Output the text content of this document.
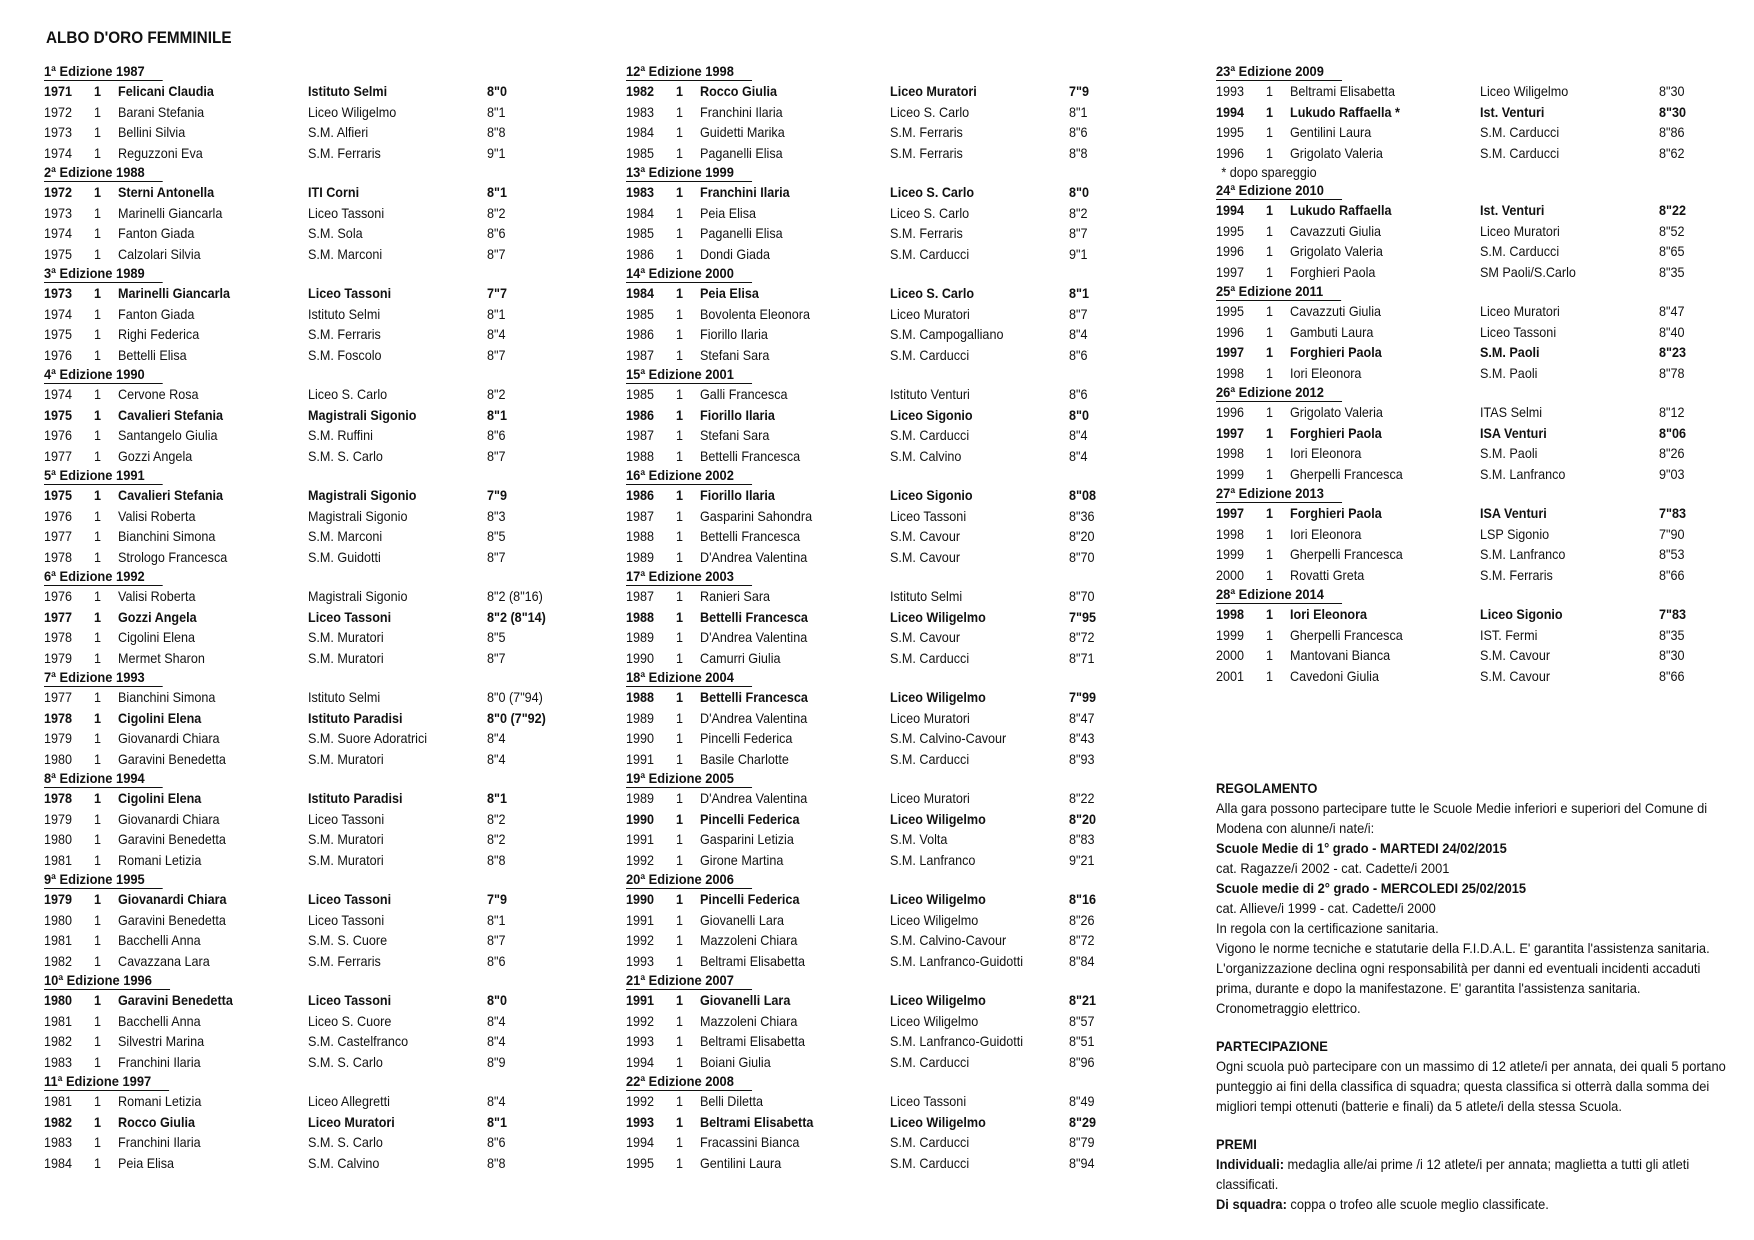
ALBO D'ORO FEMMINILE
1ª Edizione 1987
1971 1 Felicani Claudia	Istituto Selmi	8"0
1972 1 Barani Stefania	Liceo Wiligelmo	8"1
1973 1 Bellini Silvia	S.M. Alfieri	8"8
1974 1 Reguzzoni Eva	S.M. Ferraris	9"1
2ª Edizione 1988
1972 1 Sterni Antonella	ITI Corni	8"1
1973 1 Marinelli Giancarla	Liceo Tassoni	8"2
1974 1 Fanton Giada	S.M. Sola	8"6
1975 1 Calzolari Silvia	S.M. Marconi	8"7
3ª Edizione 1989
1973 1 Marinelli Giancarla	Liceo Tassoni	7"7
1974 1 Fanton Giada	Istituto Selmi	8"1
1975 1 Righi Federica	S.M. Ferraris	8"4
1976 1 Bettelli Elisa	S.M. Foscolo	8"7
4ª Edizione 1990
1974 1 Cervone Rosa	Liceo S. Carlo	8"2
1975 1 Cavalieri Stefania	Magistrali Sigonio	8"1
1976 1 Santangelo Giulia	S.M. Ruffini	8"6
1977 1 Gozzi Angela	S.M. S. Carlo	8"7
5ª Edizione 1991
1975 1 Cavalieri Stefania	Magistrali Sigonio	7"9
1976 1 Valisi Roberta	Magistrali Sigonio	8"3
1977 1 Bianchini Simona	S.M. Marconi	8"5
1978 1 Strologo Francesca	S.M. Guidotti	8"7
6ª Edizione 1992
1976 1 Valisi Roberta	Magistrali Sigonio	8"2 (8"16)
1977 1 Gozzi Angela	Liceo Tassoni	8"2 (8"14)
1978 1 Cigolini Elena	S.M. Muratori	8"5
1979 1 Mermet Sharon	S.M. Muratori	8"7
7ª Edizione 1993
1977 1 Bianchini Simona	Istituto Selmi	8"0 (7"94)
1978 1 Cigolini Elena	Istituto Paradisi	8"0 (7"92)
1979 1 Giovanardi Chiara	S.M. Suore Adoratrici	8"4
1980 1 Garavini Benedetta	S.M. Muratori	8"4
8ª Edizione 1994
1978 1 Cigolini Elena	Istituto Paradisi	8"1
1979 1 Giovanardi Chiara	Liceo Tassoni	8"2
1980 1 Garavini Benedetta	S.M. Muratori	8"2
1981 1 Romani Letizia	S.M. Muratori	8"8
9ª Edizione 1995
1979 1 Giovanardi Chiara	Liceo Tassoni	7"9
1980 1 Garavini Benedetta	Liceo Tassoni	8"1
1981 1 Bacchelli Anna	S.M. S. Cuore	8"7
1982 1 Cavazzana Lara	S.M. Ferraris	8"6
10ª Edizione 1996
1980 1 Garavini Benedetta	Liceo Tassoni	8"0
1981 1 Bacchelli Anna	Liceo S. Cuore	8"4
1982 1 Silvestri Marina	S.M. Castelfranco	8"4
1983 1 Franchini Ilaria	S.M. S. Carlo	8"9
11ª Edizione 1997
1981 1 Romani Letizia	Liceo Allegretti	8"4
1982 1 Rocco Giulia	Liceo Muratori	8"1
1983 1 Franchini Ilaria	S.M. S. Carlo	8"6
1984 1 Peia Elisa	S.M. Calvino	8"8
12ª Edizione 1998
1982 1 Rocco Giulia	Liceo Muratori	7"9
1983 1 Franchini Ilaria	Liceo S. Carlo	8"1
1984 1 Guidetti Marika	S.M. Ferraris	8"6
1985 1 Paganelli Elisa	S.M. Ferraris	8"8
13ª Edizione 1999
1983 1 Franchini Ilaria	Liceo S. Carlo	8"0
1984 1 Peia Elisa	Liceo S. Carlo	8"2
1985 1 Paganelli Elisa	S.M. Ferraris	8"7
1986 1 Dondi Giada	S.M. Carducci	9"1
14ª Edizione 2000
1984 1 Peia Elisa	Liceo S. Carlo	8"1
1985 1 Bovolenta Eleonora	Liceo Muratori	8"7
1986 1 Fiorillo Ilaria	S.M. Campogalliano	8"4
1987 1 Stefani Sara	S.M. Carducci	8"6
15ª Edizione 2001
1985 1 Galli Francesca	Istituto Venturi	8"6
1986 1 Fiorillo Ilaria	Liceo Sigonio	8"0
1987 1 Stefani Sara	S.M. Carducci	8"4
1988 1 Bettelli Francesca	S.M. Calvino	8"4
16ª Edizione 2002
1986 1 Fiorillo Ilaria	Liceo Sigonio	8"08
1987 1 Gasparini Sahondra	Liceo Tassoni	8"36
1988 1 Bettelli Francesca	S.M. Cavour	8"20
1989 1 D'Andrea Valentina	S.M. Cavour	8"70
17ª Edizione 2003
1987 1 Ranieri Sara	Istituto Selmi	8"70
1988 1 Bettelli Francesca	Liceo Wiligelmo	7"95
1989 1 D'Andrea Valentina	S.M. Cavour	8"72
1990 1 Camurri Giulia	S.M. Carducci	8"71
18ª Edizione 2004
1988 1 Bettelli Francesca	Liceo Wiligelmo	7"99
1989 1 D'Andrea Valentina	Liceo Muratori	8"47
1990 1 Pincelli Federica	S.M. Calvino-Cavour	8"43
1991 1 Basile Charlotte	S.M. Carducci	8"93
19ª Edizione 2005
1989 1 D'Andrea Valentina	Liceo Muratori	8"22
1990 1 Pincelli Federica	Liceo Wiligelmo	8"20
1991 1 Gasparini Letizia	S.M. Volta	8"83
1992 1 Girone Martina	S.M. Lanfranco	9"21
20ª Edizione 2006
1990 1 Pincelli Federica	Liceo Wiligelmo	8"16
1991 1 Giovanelli Lara	Liceo Wiligelmo	8"26
1992 1 Mazzoleni Chiara	S.M. Calvino-Cavour	8"72
1993 1 Beltrami Elisabetta	S.M. Lanfranco-Guidotti	8"84
21ª Edizione 2007
1991 1 Giovanelli Lara	Liceo Wiligelmo	8"21
1992 1 Mazzoleni Chiara	Liceo Wiligelmo	8"57
1993 1 Beltrami Elisabetta	S.M. Lanfranco-Guidotti	8"51
1994 1 Boiani Giulia	S.M. Carducci	8"96
22ª Edizione 2008
1992 1 Belli Diletta	Liceo Tassoni	8"49
1993 1 Beltrami Elisabetta	Liceo Wiligelmo	8"29
1994 1 Fracassini Bianca	S.M. Carducci	8"79
1995 1 Gentilini Laura	S.M. Carducci	8"94
23ª Edizione 2009
1993 1 Beltrami Elisabetta	Liceo Wiligelmo	8"30
1994 1 Lukudo Raffaella *	Ist. Venturi	8"30
1995 1 Gentilini Laura	S.M. Carducci	8"86
1996 1 Grigolato Valeria	S.M. Carducci	8"62
* dopo spareggio
24ª Edizione 2010
1994 1 Lukudo Raffaella	Ist. Venturi	8"22
1995 1 Cavazzuti Giulia	Liceo Muratori	8"52
1996 1 Grigolato Valeria	S.M. Carducci	8"65
1997 1 Forghieri Paola	SM Paoli/S.Carlo	8"35
25ª Edizione 2011
1995 1 Cavazzuti Giulia	Liceo Muratori	8"47
1996 1 Gambuti Laura	Liceo Tassoni	8"40
1997 1 Forghieri Paola	S.M. Paoli	8"23
1998 1 Iori Eleonora	S.M. Paoli	8"78
26ª Edizione 2012
1996 1 Grigolato Valeria	ITAS Selmi	8"12
1997 1 Forghieri Paola	ISA Venturi	8"06
1998 1 Iori Eleonora	S.M. Paoli	8"26
1999 1 Gherpelli Francesca	S.M. Lanfranco	9"03
27ª Edizione 2013
1997 1 Forghieri Paola	ISA Venturi	7"83
1998 1 Iori Eleonora	LSP Sigonio	7"90
1999 1 Gherpelli Francesca	S.M. Lanfranco	8"53
2000 1 Rovatti Greta	S.M. Ferraris	8"66
28ª Edizione 2014
1998 1 Iori Eleonora	Liceo Sigonio	7"83
1999 1 Gherpelli Francesca	IST. Fermi	8"35
2000 1 Mantovani Bianca	S.M. Cavour	8"30
2001 1 Cavedoni Giulia	S.M. Cavour	8"66
REGOLAMENTO

Alla gara possono partecipare tutte le Scuole Medie inferiori e superiori del Comune di Modena con alunne/i nate/i:

Scuole Medie di 1° grado - MARTEDI 24/02/2015

cat. Ragazze/i 2002 - cat. Cadette/i 2001

Scuole medie di 2° grado - MERCOLEDI 25/02/2015

cat. Allieve/i 1999 - cat. Cadette/i 2000

In regola con la certificazione sanitaria.

Vigono le norme tecniche e statutarie della F.I.D.A.L. E' garantita l'assistenza sanitaria. L'organizzazione declina ogni responsabilità per danni ed eventuali incidenti accaduti prima, durante e dopo la manifestazone. E' garantita l'assistenza sanitaria.

Cronometraggio elettrico.

PARTECIPAZIONE

Ogni scuola può partecipare con un massimo di 12 atlete/i per annata, dei quali 5 portano punteggio ai fini della classifica di squadra; questa classifica si otterrà dalla somma dei migliori tempi ottenuti (batterie e finali) da 5 atlete/i della stessa Scuola.

PREMI

Individuali: medaglia alle/ai prime /i 12 atlete/i per annata; maglietta a tutti gli atleti classificati.

Di squadra: coppa o trofeo alle scuole meglio classificate.
